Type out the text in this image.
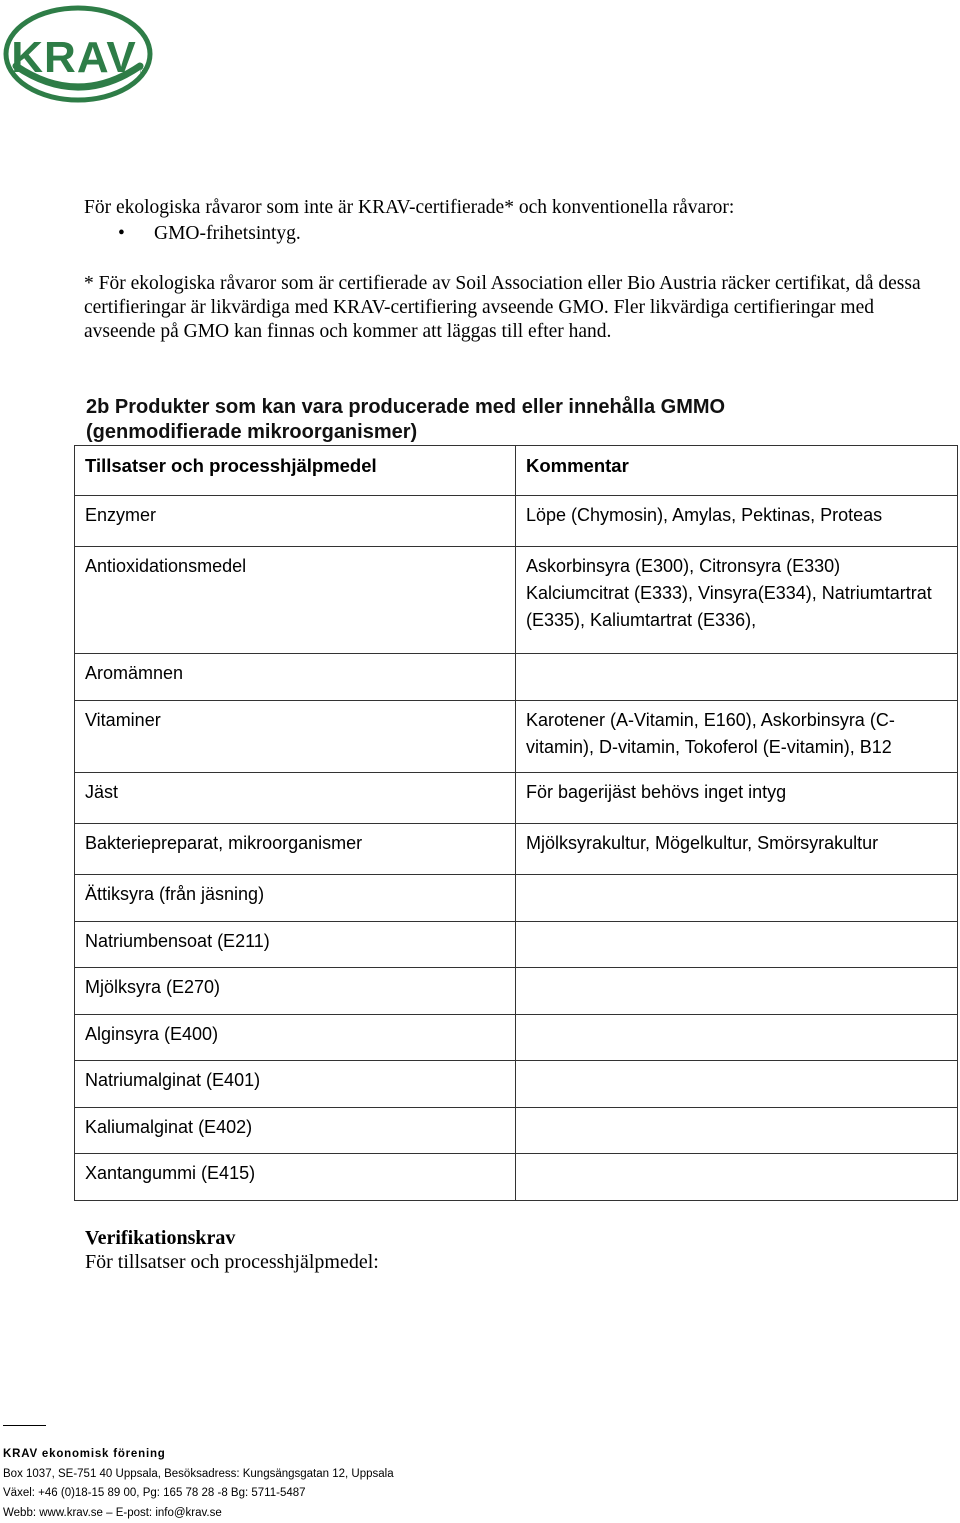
KRAV ®

För ekologiska råvaror som inte är KRAV-certifierade* och konventionella råvaror:

•	GMO-frihetsintyg.

* För ekologiska råvaror som är certifierade av Soil Association eller Bio Austria räcker certifikat, då dessa certifieringar är likvärdiga med KRAV-certifiering avseende GMO. Fler likvärdiga certifieringar med avseende på GMO kan finnas och kommer att läggas till efter hand.

2b Produkter som kan vara producerade med eller innehålla GMMO (genmodifierade mikroorganismer)
Tillsatser och processhjälpmedel	Kommentar
Enzymer	Löpe (Chymosin), Amylas, Pektinas, Proteas
Antioxidationsmedel	Askorbinsyra (E300), Citronsyra (E330) Kalciumcitrat (E333), Vinsyra(E334), Natriumtartrat (E335), Kaliumtartrat (E336),
Aromämnen	
Vitaminer	Karotener (A-Vitamin, E160), Askorbinsyra (C-vitamin), D-vitamin, Tokoferol (E-vitamin), B12
Jäst	För bagerijäst behövs inget intyg
Bakteriepreparat, mikroorganismer	Mjölksyrakultur, Mögelkultur, Smörsyrakultur
Ättiksyra (från jäsning)	
Natriumbensoat (E211)	
Mjölksyra (E270)	
Alginsyra (E400)	
Natriumalginat (E401)	
Kaliumalginat (E402)	
Xantangummi (E415)	
Verifikationskrav
För tillsatser och processhjälpmedel:
KRAV ekonomisk förening
Box 1037, SE-751 40 Uppsala, Besöksadress: Kungsängsgatan 12, Uppsala
Växel: +46 (0)18-15 89 00, Pg: 165 78 28 -8 Bg: 5711-5487
Webb: www.krav.se – E-post: info@krav.se
